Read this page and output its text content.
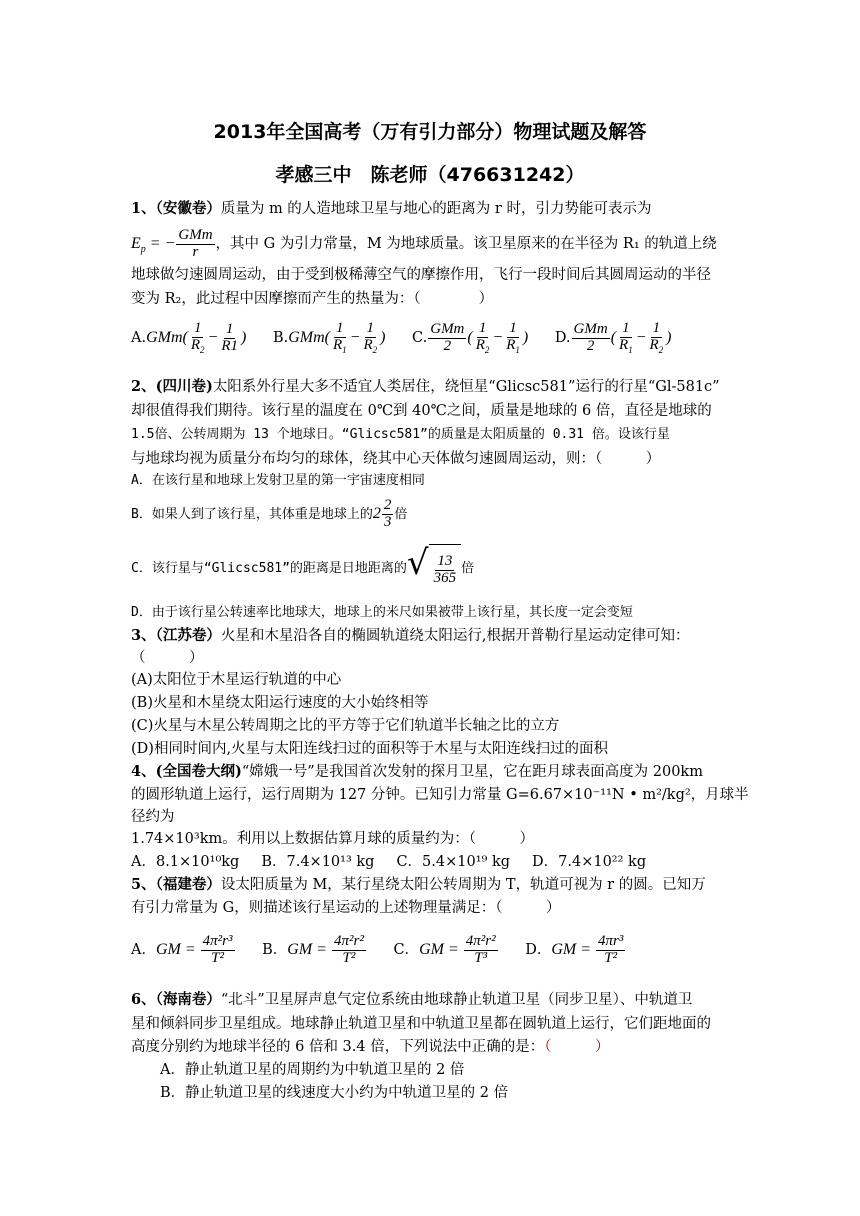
2013年全国高考（万有引力部分）物理试题及解答
孝感三中　陈老师（476631242）
1、（安徽卷）质量为 m 的人造地球卫星与地心的距离为 r 时，引力势能可表示为
$E_p$ = − $\frac{\text{GMm}}{r}$ ，其中 G 为引力常量，M 为地球质量。该卫星原来的在半径为 R₁ 的轨道上绕
地球做匀速圆周运动，由于受到极稀薄空气的摩擦作用，飞行一段时间后其圆周运动的半径
变为 R₂，此过程中因摩擦而产生的热量为：（　　　　）
$A.GMm( \frac{1}{R_2} - \frac{1}{R1}$ ) $B.GMm( \frac{1}{R_1} - \frac{1}{R_2}$ ) C. $\frac{\text{GMm}}{2}$ ( $\frac{1}{R_2} - \frac{1}{R_1}$ ) D. $\frac{\text{GMm}}{2}$ ( $\frac{1}{R_1} - \frac{1}{R_2}$ )
2、(四川卷)太阳系外行星大多不适宜人类居住，绕恒星“Glicsc581”运行的行星“Gl-581c”
却很值得我们期待。该行星的温度在 0℃到 40℃之间，质量是地球的 6 倍，直径是地球的
1.5倍、公转周期为 13 个地球日。“Glicsc581”的质量是太阳质量的 0.31 倍。设该行星
与地球均视为质量分布均匀的球体，绕其中心天体做匀速圆周运动，则：（　　　）
A．在该行星和地球上发射卫星的第一宇宙速度相同
B．如果人到了该行星，其体重是地球上的$2 \frac{2}{3}$ 倍
C．该行星与“Glicsc581”的距离是日地距离的 √ $\frac{13}{365}$ 倍
D．由于该行星公转速率比地球大，地球上的米尺如果被带上该行星，其长度一定会变短
3、（江苏卷）火星和木星沿各自的椭圆轨道绕太阳运行,根据开普勒行星运动定律可知：
（　　　）
(A)太阳位于木星运行轨道的中心
(B)火星和木星绕太阳运行速度的大小始终相等
(C)火星与木星公转周期之比的平方等于它们轨道半长轴之比的立方
(D)相同时间内,火星与太阳连线扫过的面积等于木星与太阳连线扫过的面积
4、(全国卷大纲)“嫦娥一号”是我国首次发射的探月卫星，它在距月球表面高度为 200km
的圆形轨道上运行，运行周期为 127 分钟。已知引力常量 G=6.67×10⁻¹¹N • m²/kg²，月球半
径约为
1.74×10³km。利用以上数据估算月球的质量约为：（　　　）
A．8.1×10¹⁰kg B．7.4×10¹³ kg C．5.4×10¹⁹ kg D．7.4×10²² kg
5、（福建卷）设太阳质量为 M，某行星绕太阳公转周期为 T，轨道可视为 r 的圆。已知万
有引力常量为 G，则描述该行星运动的上述物理量满足：（　　　）
A．GM = $\frac{\text{4π²r³}}{\text{T²}}$ B．GM = $\frac{\text{4π²r²}}{\text{T²}}$ C．GM = $\frac{\text{4π²r²}}{\text{T³}}$ D．GM = $\frac{\text{4πr³}}{\text{T²}}$
6、（海南卷）“北斗”卫星屏声息气定位系统由地球静止轨道卫星（同步卫星）、中轨道卫
星和倾斜同步卫星组成。地球静止轨道卫星和中轨道卫星都在圆轨道上运行，它们距地面的
高度分别约为地球半径的 6 倍和 3.4 倍，下列说法中正确的是：（　　　）
A．静止轨道卫星的周期约为中轨道卫星的 2 倍
B．静止轨道卫星的线速度大小约为中轨道卫星的 2 倍
